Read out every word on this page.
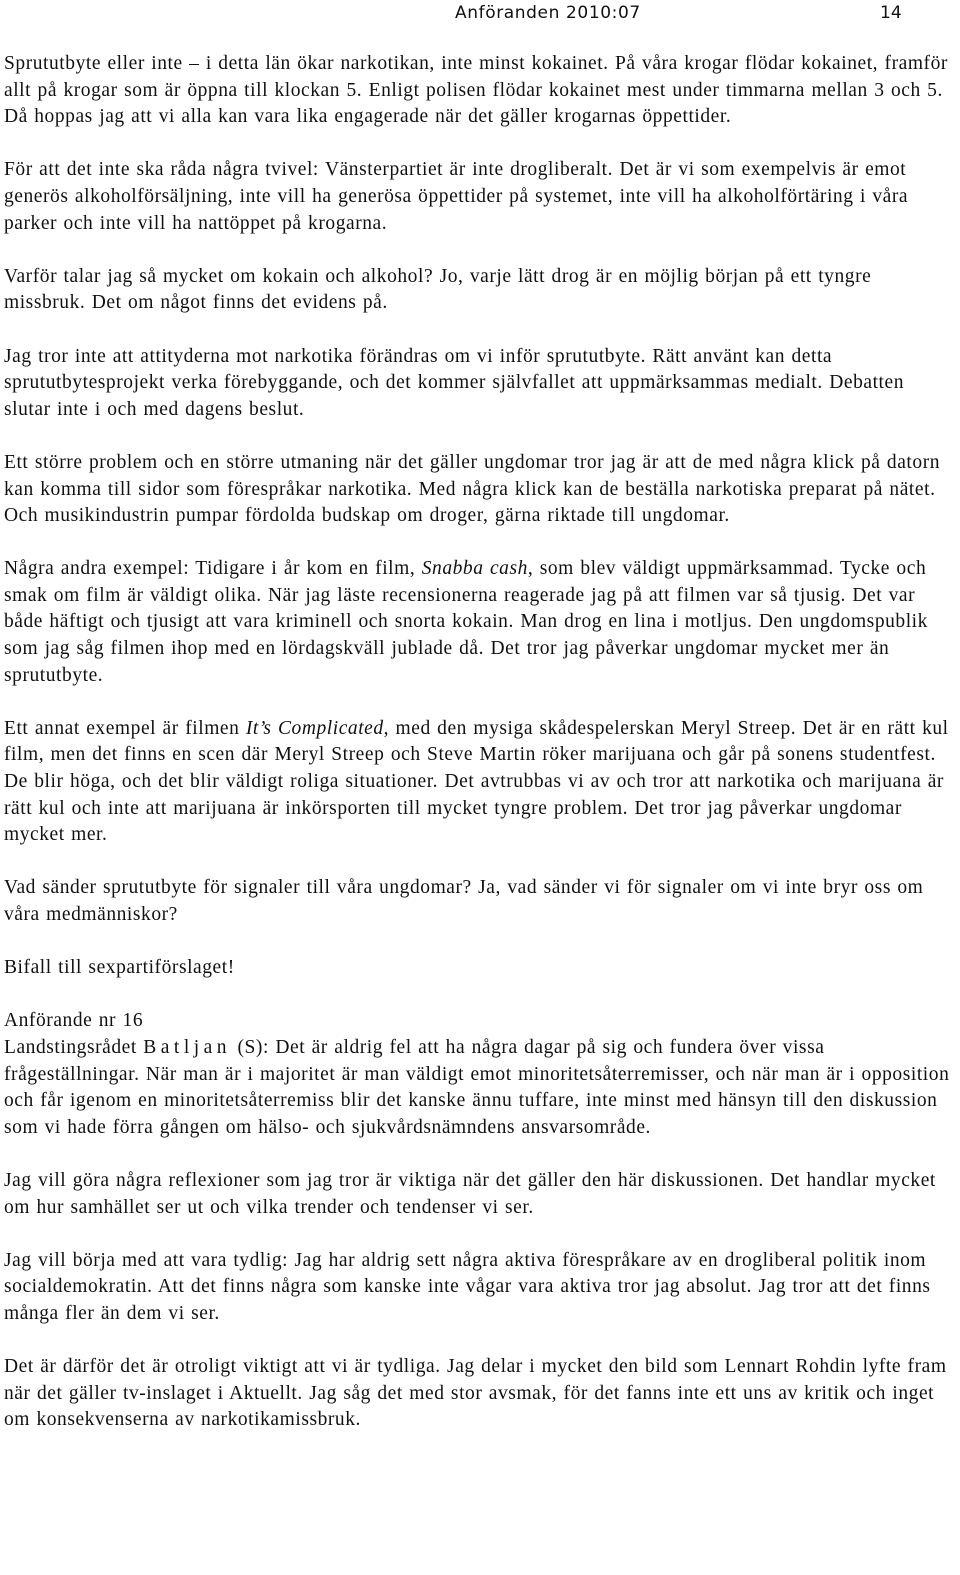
Anföranden 2010:07	14

Sprututbyte eller inte – i detta län ökar narkotikan, inte minst kokainet. På våra krogar flödar kokainet, framför allt på krogar som är öppna till klockan 5. Enligt polisen flödar kokainet mest under timmarna mellan 3 och 5. Då hoppas jag att vi alla kan vara lika engagerade när det gäller krogarnas öppettider.

För att det inte ska råda några tvivel: Vänsterpartiet är inte drogliberalt. Det är vi som exempelvis är emot generös alkoholförsäljning, inte vill ha generösa öppettider på systemet, inte vill ha alkoholförtäring i våra parker och inte vill ha nattöppet på krogarna.

Varför talar jag så mycket om kokain och alkohol? Jo, varje lätt drog är en möjlig början på ett tyngre missbruk. Det om något finns det evidens på.

Jag tror inte att attityderna mot narkotika förändras om vi inför sprututbyte. Rätt använt kan detta sprututbytesprojekt verka förebyggande, och det kommer självfallet att uppmärksammas medialt. Debatten slutar inte i och med dagens beslut.

Ett större problem och en större utmaning när det gäller ungdomar tror jag är att de med några klick på datorn kan komma till sidor som förespråkar narkotika. Med några klick kan de beställa narkotiska preparat på nätet. Och musikindustrin pumpar fördolda budskap om droger, gärna riktade till ungdomar.

Några andra exempel: Tidigare i år kom en film, Snabba cash, som blev väldigt uppmärksammad. Tycke och smak om film är väldigt olika. När jag läste recensionerna reagerade jag på att filmen var så tjusig. Det var både häftigt och tjusigt att vara kriminell och snorta kokain. Man drog en lina i motljus. Den ungdomspublik som jag såg filmen ihop med en lördagskväll jublade då. Det tror jag påverkar ungdomar mycket mer än sprututbyte.

Ett annat exempel är filmen It’s Complicated, med den mysiga skådespelerskan Meryl Streep. Det är en rätt kul film, men det finns en scen där Meryl Streep och Steve Martin röker marijuana och går på sonens studentfest. De blir höga, och det blir väldigt roliga situationer. Det avtrubbas vi av och tror att narkotika och marijuana är rätt kul och inte att marijuana är inkörsporten till mycket tyngre problem. Det tror jag påverkar ungdomar mycket mer.

Vad sänder sprututbyte för signaler till våra ungdomar? Ja, vad sänder vi för signaler om vi inte bryr oss om våra medmänniskor?

Bifall till sexpartiförslaget!

Anförande nr 16

Landstingsrådet Batljan (S): Det är aldrig fel att ha några dagar på sig och fundera över vissa frågeställningar. När man är i majoritet är man väldigt emot minoritetsåterremisser, och när man är i opposition och får igenom en minoritetsåterremiss blir det kanske ännu tuffare, inte minst med hänsyn till den diskussion som vi hade förra gången om hälso- och sjukvårdsnämndens ansvarsområde.

Jag vill göra några reflexioner som jag tror är viktiga när det gäller den här diskussionen. Det handlar mycket om hur samhället ser ut och vilka trender och tendenser vi ser.

Jag vill börja med att vara tydlig: Jag har aldrig sett några aktiva förespråkare av en drogliberal politik inom socialdemokratin. Att det finns några som kanske inte vågar vara aktiva tror jag absolut. Jag tror att det finns många fler än dem vi ser.

Det är därför det är otroligt viktigt att vi är tydliga. Jag delar i mycket den bild som Lennart Rohdin lyfte fram när det gäller tv-inslaget i Aktuellt. Jag såg det med stor avsmak, för det fanns inte ett uns av kritik och inget om konsekvenserna av narkotikamissbruk.
